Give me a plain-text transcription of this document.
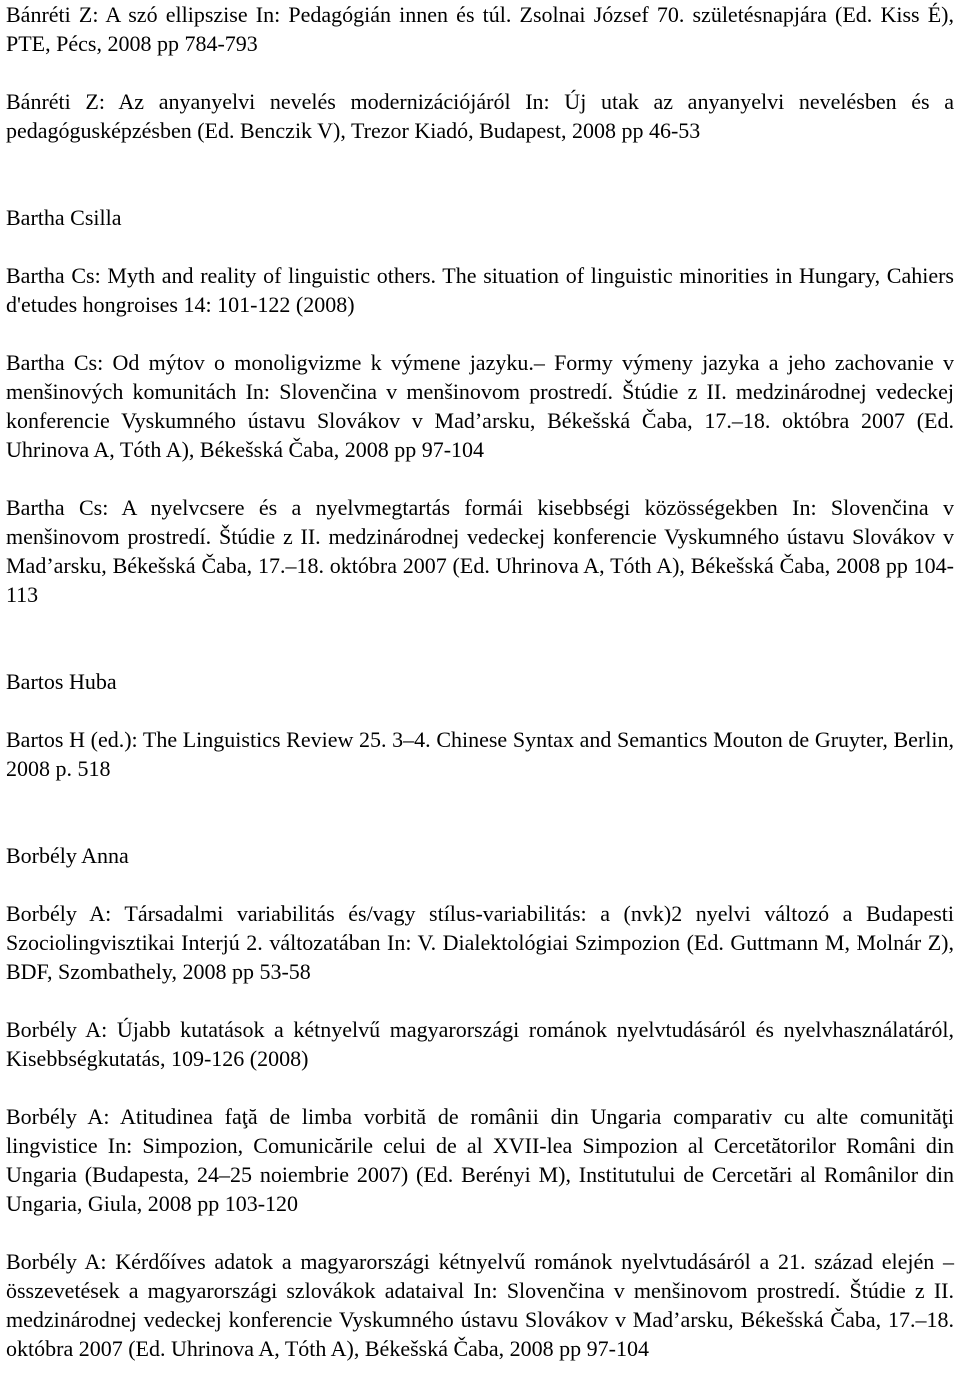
Bánréti Z: A szó ellipszise In: Pedagógián innen és túl. Zsolnai József 70. születésnapjára (Ed. Kiss É), PTE, Pécs, 2008 pp 784-793

Bánréti Z: Az anyanyelvi nevelés modernizációjáról In: Új utak az anyanyelvi nevelésben és a pedagógusképzésben (Ed. Benczik V), Trezor Kiadó, Budapest, 2008 pp 46-53

Bartha Csilla

Bartha Cs: Myth and reality of linguistic others. The situation of linguistic minorities in Hungary, Cahiers d'etudes hongroises 14: 101-122 (2008)

Bartha Cs: Od mýtov o monoligvizme k výmene jazyku.– Formy výmeny jazyka a jeho zachovanie v menšinových komunitách In: Slovenčina v menšinovom prostredí. Štúdie z II. medzinárodnej vedeckej konferencie Vyskumného ústavu Slovákov v Mad’arsku, Békešská Čaba, 17.–18. októbra 2007 (Ed. Uhrinova A, Tóth A), Békešská Čaba, 2008 pp 97-104

Bartha Cs: A nyelvcsere és a nyelvmegtartás formái kisebbségi közösségekben In: Slovenčina v menšinovom prostredí. Štúdie z II. medzinárodnej vedeckej konferencie Vyskumného ústavu Slovákov v Mad’arsku, Békešská Čaba, 17.–18. októbra 2007 (Ed. Uhrinova A, Tóth A), Békešská Čaba, 2008 pp 104-113

Bartos Huba

Bartos H (ed.): The Linguistics Review 25. 3–4. Chinese Syntax and Semantics Mouton de Gruyter, Berlin, 2008 p. 518

Borbély Anna

Borbély A: Társadalmi variabilitás és/vagy stílus-variabilitás: a (nvk)2 nyelvi változó a Budapesti Szociolingvisztikai Interjú 2. változatában In: V. Dialektológiai Szimpozion (Ed. Guttmann M, Molnár Z), BDF, Szombathely, 2008 pp 53-58

Borbély A: Újabb kutatások a kétnyelvű magyarországi románok nyelvtudásáról és nyelvhasználatáról, Kisebbségkutatás, 109-126 (2008)

Borbély A: Atitudinea faţă de limba vorbită de românii din Ungaria comparativ cu alte comunităţi lingvistice In: Simpozion, Comunicările celui de al XVII-lea Simpozion al Cercetătorilor Români din Ungaria (Budapesta, 24–25 noiembrie 2007) (Ed. Berényi M), Institutului de Cercetări al Românilor din Ungaria, Giula, 2008 pp 103-120

Borbély A: Kérdőíves adatok a magyarországi kétnyelvű románok nyelvtudásáról a 21. század elején – összevetések a magyarországi szlovákok adataival In: Slovenčina v menšinovom prostredí. Štúdie z II. medzinárodnej vedeckej konferencie Vyskumného ústavu Slovákov v Mad’arsku, Békešská Čaba, 17.–18. októbra 2007 (Ed. Uhrinova A, Tóth A), Békešská Čaba, 2008 pp 97-104
